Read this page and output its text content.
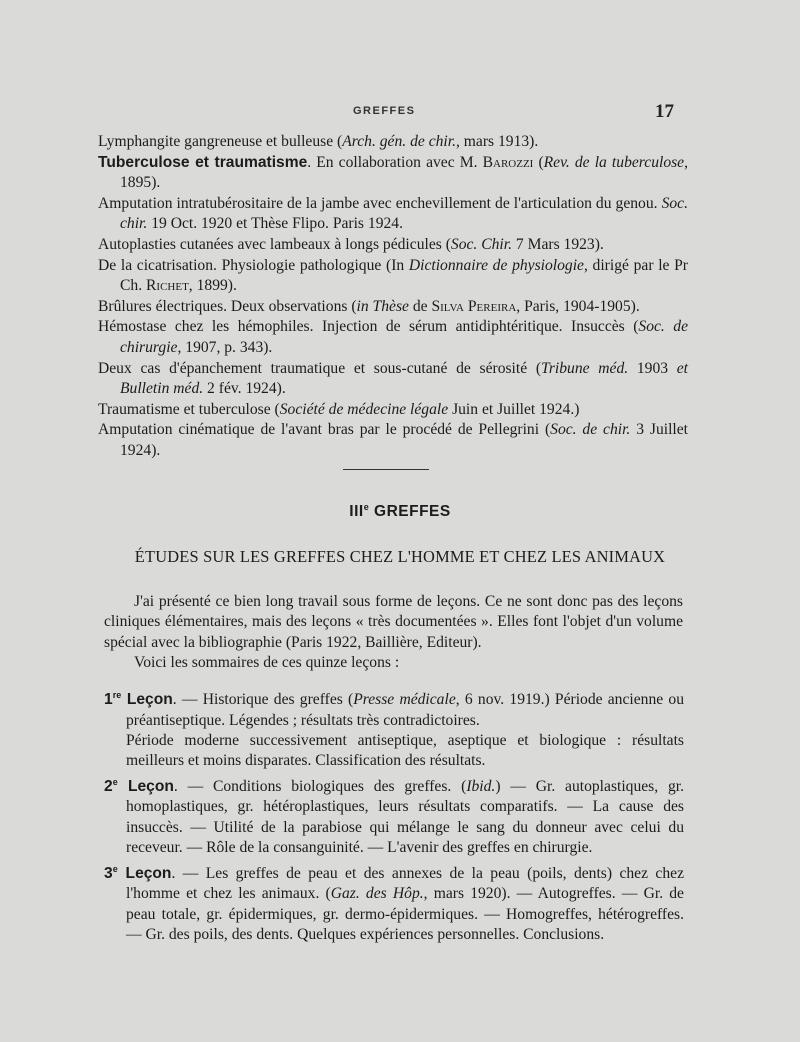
GREFFES	17
Lymphangite gangreneuse et bulleuse (Arch. gén. de chir., mars 1913).
Tuberculose et traumatisme. En collaboration avec M. Barozzi (Rev. de la tuberculose, 1895).
Amputation intratubérositaire de la jambe avec enchevillement de l'articulation du genou. Soc. chir. 19 Oct. 1920 et Thèse Flipo. Paris 1924.
Autoplasties cutanées avec lambeaux à longs pédicules (Soc. Chir. 7 Mars 1923).
De la cicatrisation. Physiologie pathologique (In Dictionnaire de physiologie, dirigé par le Pr Ch. Richet, 1899).
Brûlures électriques. Deux observations (in Thèse de Silva Pereira, Paris, 1904-1905).
Hémostase chez les hémophiles. Injection de sérum antidiphtéritique. Insuccès (Soc. de chirurgie, 1907, p. 343).
Deux cas d'épanchement traumatique et sous-cutané de sérosité (Tribune méd. 1903 et Bulletin méd. 2 fév. 1924).
Traumatisme et tuberculose (Société de médecine légale Juin et Juillet 1924.)
Amputation cinématique de l'avant bras par le procédé de Pellegrini (Soc. de chir. 3 Juillet 1924).
IIIe GREFFES
ÉTUDES SUR LES GREFFES CHEZ L'HOMME ET CHEZ LES ANIMAUX

J'ai présenté ce bien long travail sous forme de leçons. Ce ne sont donc pas des leçons cliniques élémentaires, mais des leçons « très documentées ». Elles font l'objet d'un volume spécial avec la bibliographie (Paris 1922, Baillière, Editeur).

Voici les sommaires de ces quinze leçons :

1re Leçon. — Historique des greffes (Presse médicale, 6 nov. 1919.) Période ancienne ou préantiseptique. Légendes ; résultats très contradictoires.
Période moderne successivement antiseptique, aseptique et biologique : résultats meilleurs et moins disparates. Classification des résultats.
2e Leçon. — Conditions biologiques des greffes. (Ibid.) — Gr. autoplastiques, gr. homoplastiques, gr. hétéroplastiques, leurs résultats comparatifs. — La cause des insuccès. — Utilité de la parabiose qui mélange le sang du donneur avec celui du receveur. — Rôle de la consanguinité. — L'avenir des greffes en chirurgie.
3e Leçon. — Les greffes de peau et des annexes de la peau (poils, dents) chez chez l'homme et chez les animaux. (Gaz. des Hôp., mars 1920). — Autogreffes. — Gr. de peau totale, gr. épidermiques, gr. dermo-épidermiques. — Homogreffes, hétérogreffes. — Gr. des poils, des dents. Quelques expériences personnelles. Conclusions.
